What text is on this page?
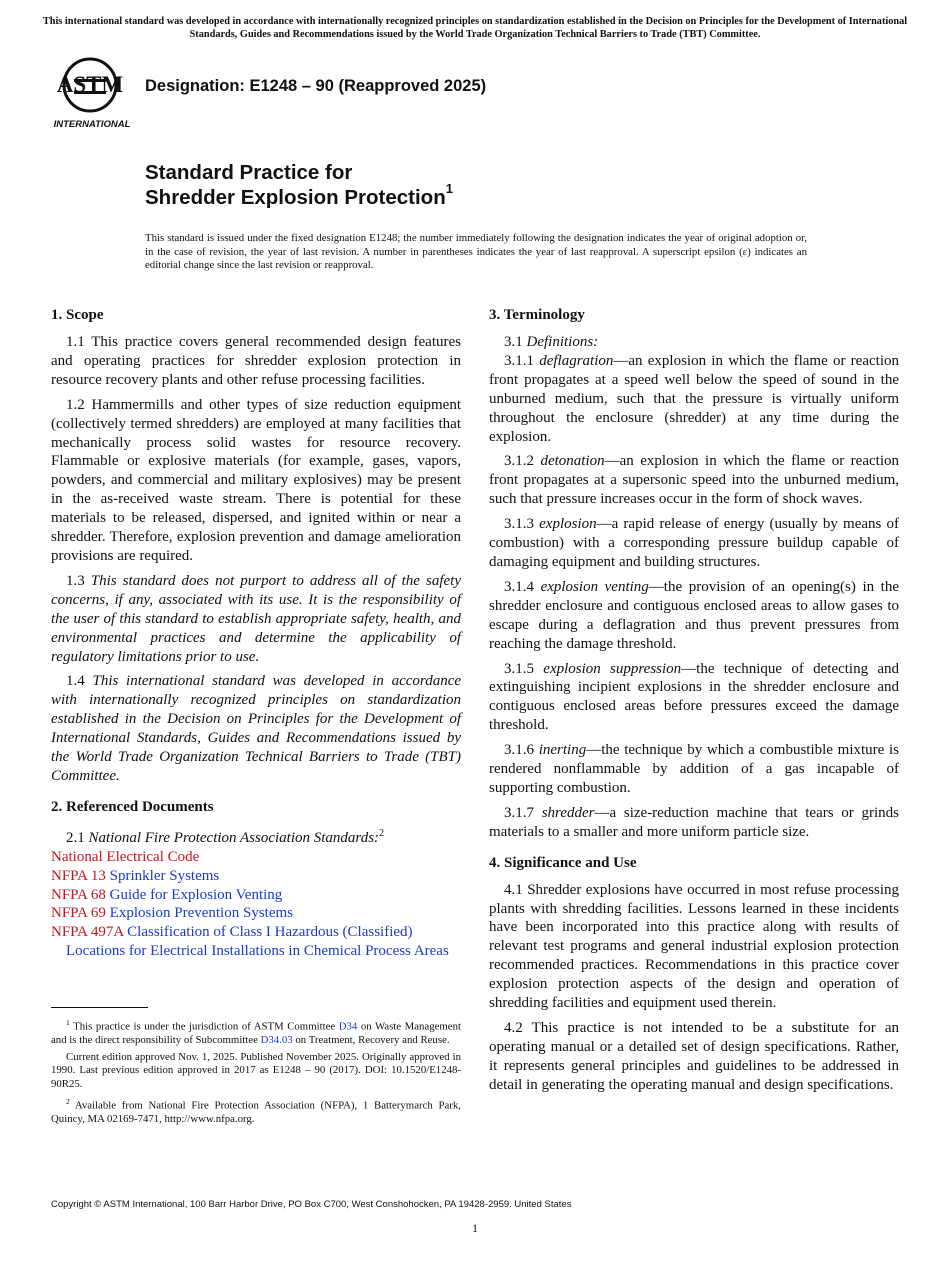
This international standard was developed in accordance with internationally recognized principles on standardization established in the Decision on Principles for the Development of International Standards, Guides and Recommendations issued by the World Trade Organization Technical Barriers to Trade (TBT) Committee.
ASTM
INTERNATIONAL
Designation: E1248 – 90 (Reapproved 2025)
Standard Practice for
Shredder Explosion Protection$^1$
This standard is issued under the fixed designation E1248; the number immediately following the designation indicates the year of original adoption or, in the case of revision, the year of last revision. A number in parentheses indicates the year of last reapproval. A superscript epsilon (ε) indicates an editorial change since the last revision or reapproval.
1. Scope

1.1 This practice covers general recommended design features and operating practices for shredder explosion protection in resource recovery plants and other refuse processing facilities.

1.2 Hammermills and other types of size reduction equipment (collectively termed shredders) are employed at many facilities that mechanically process solid wastes for resource recovery. Flammable or explosive materials (for example, gases, vapors, powders, and commercial and military explosives) may be present in the as-received waste stream. There is potential for these materials to be released, dispersed, and ignited within or near a shredder. Therefore, explosion prevention and damage amelioration provisions are required.

1.3 This standard does not purport to address all of the safety concerns, if any, associated with its use. It is the responsibility of the user of this standard to establish appropriate safety, health, and environmental practices and determine the applicability of regulatory limitations prior to use.

1.4 This international standard was developed in accordance with internationally recognized principles on standardization established in the Decision on Principles for the Development of International Standards, Guides and Recommendations issued by the World Trade Organization Technical Barriers to Trade (TBT) Committee.

2. Referenced Documents

2.1 National Fire Protection Association Standards:$^2$

National Electrical Code

NFPA 13 Sprinkler Systems

NFPA 68 Guide for Explosion Venting

NFPA 69 Explosion Prevention Systems

NFPA 497A Classification of Class I Hazardous (Classified) Locations for Electrical Installations in Chemical Process Areas

$^1$ This practice is under the jurisdiction of ASTM Committee D34 on Waste Management and is the direct responsibility of Subcommittee D34.03 on Treatment, Recovery and Reuse.

Current edition approved Nov. 1, 2025. Published November 2025. Originally approved in 1990. Last previous edition approved in 2017 as E1248 – 90 (2017). DOI: 10.1520/E1248-90R25.

$^2$ Available from National Fire Protection Association (NFPA), 1 Batterymarch Park, Quincy, MA 02169-7471, http://www.nfpa.org.

3. Terminology

3.1 Definitions:

3.1.1 deflagration—an explosion in which the flame or reaction front propagates at a speed well below the speed of sound in the unburned medium, such that the pressure is virtually uniform throughout the enclosure (shredder) at any time during the explosion.

3.1.2 detonation—an explosion in which the flame or reaction front propagates at a supersonic speed into the unburned medium, such that pressure increases occur in the form of shock waves.

3.1.3 explosion—a rapid release of energy (usually by means of combustion) with a corresponding pressure buildup capable of damaging equipment and building structures.

3.1.4 explosion venting—the provision of an opening(s) in the shredder enclosure and contiguous enclosed areas to allow gases to escape during a deflagration and thus prevent pressures from reaching the damage threshold.

3.1.5 explosion suppression—the technique of detecting and extinguishing incipient explosions in the shredder enclosure and contiguous enclosed areas before pressures exceed the damage threshold.

3.1.6 inerting—the technique by which a combustible mixture is rendered nonflammable by addition of a gas incapable of supporting combustion.

3.1.7 shredder—a size-reduction machine that tears or grinds materials to a smaller and more uniform particle size.

4. Significance and Use

4.1 Shredder explosions have occurred in most refuse processing plants with shredding facilities. Lessons learned in these incidents have been incorporated into this practice along with results of relevant test programs and general industrial explosion protection recommended practices. Recommendations in this practice cover explosion protection aspects of the design and operation of shredding facilities and equipment used therein.

4.2 This practice is not intended to be a substitute for an operating manual or a detailed set of design specifications. Rather, it represents general principles and guidelines to be addressed in detail in generating the operating manual and design specifications.

Copyright © ASTM International, 100 Barr Harbor Drive, PO Box C700, West Conshohocken, PA 19428-2959. United States
1
